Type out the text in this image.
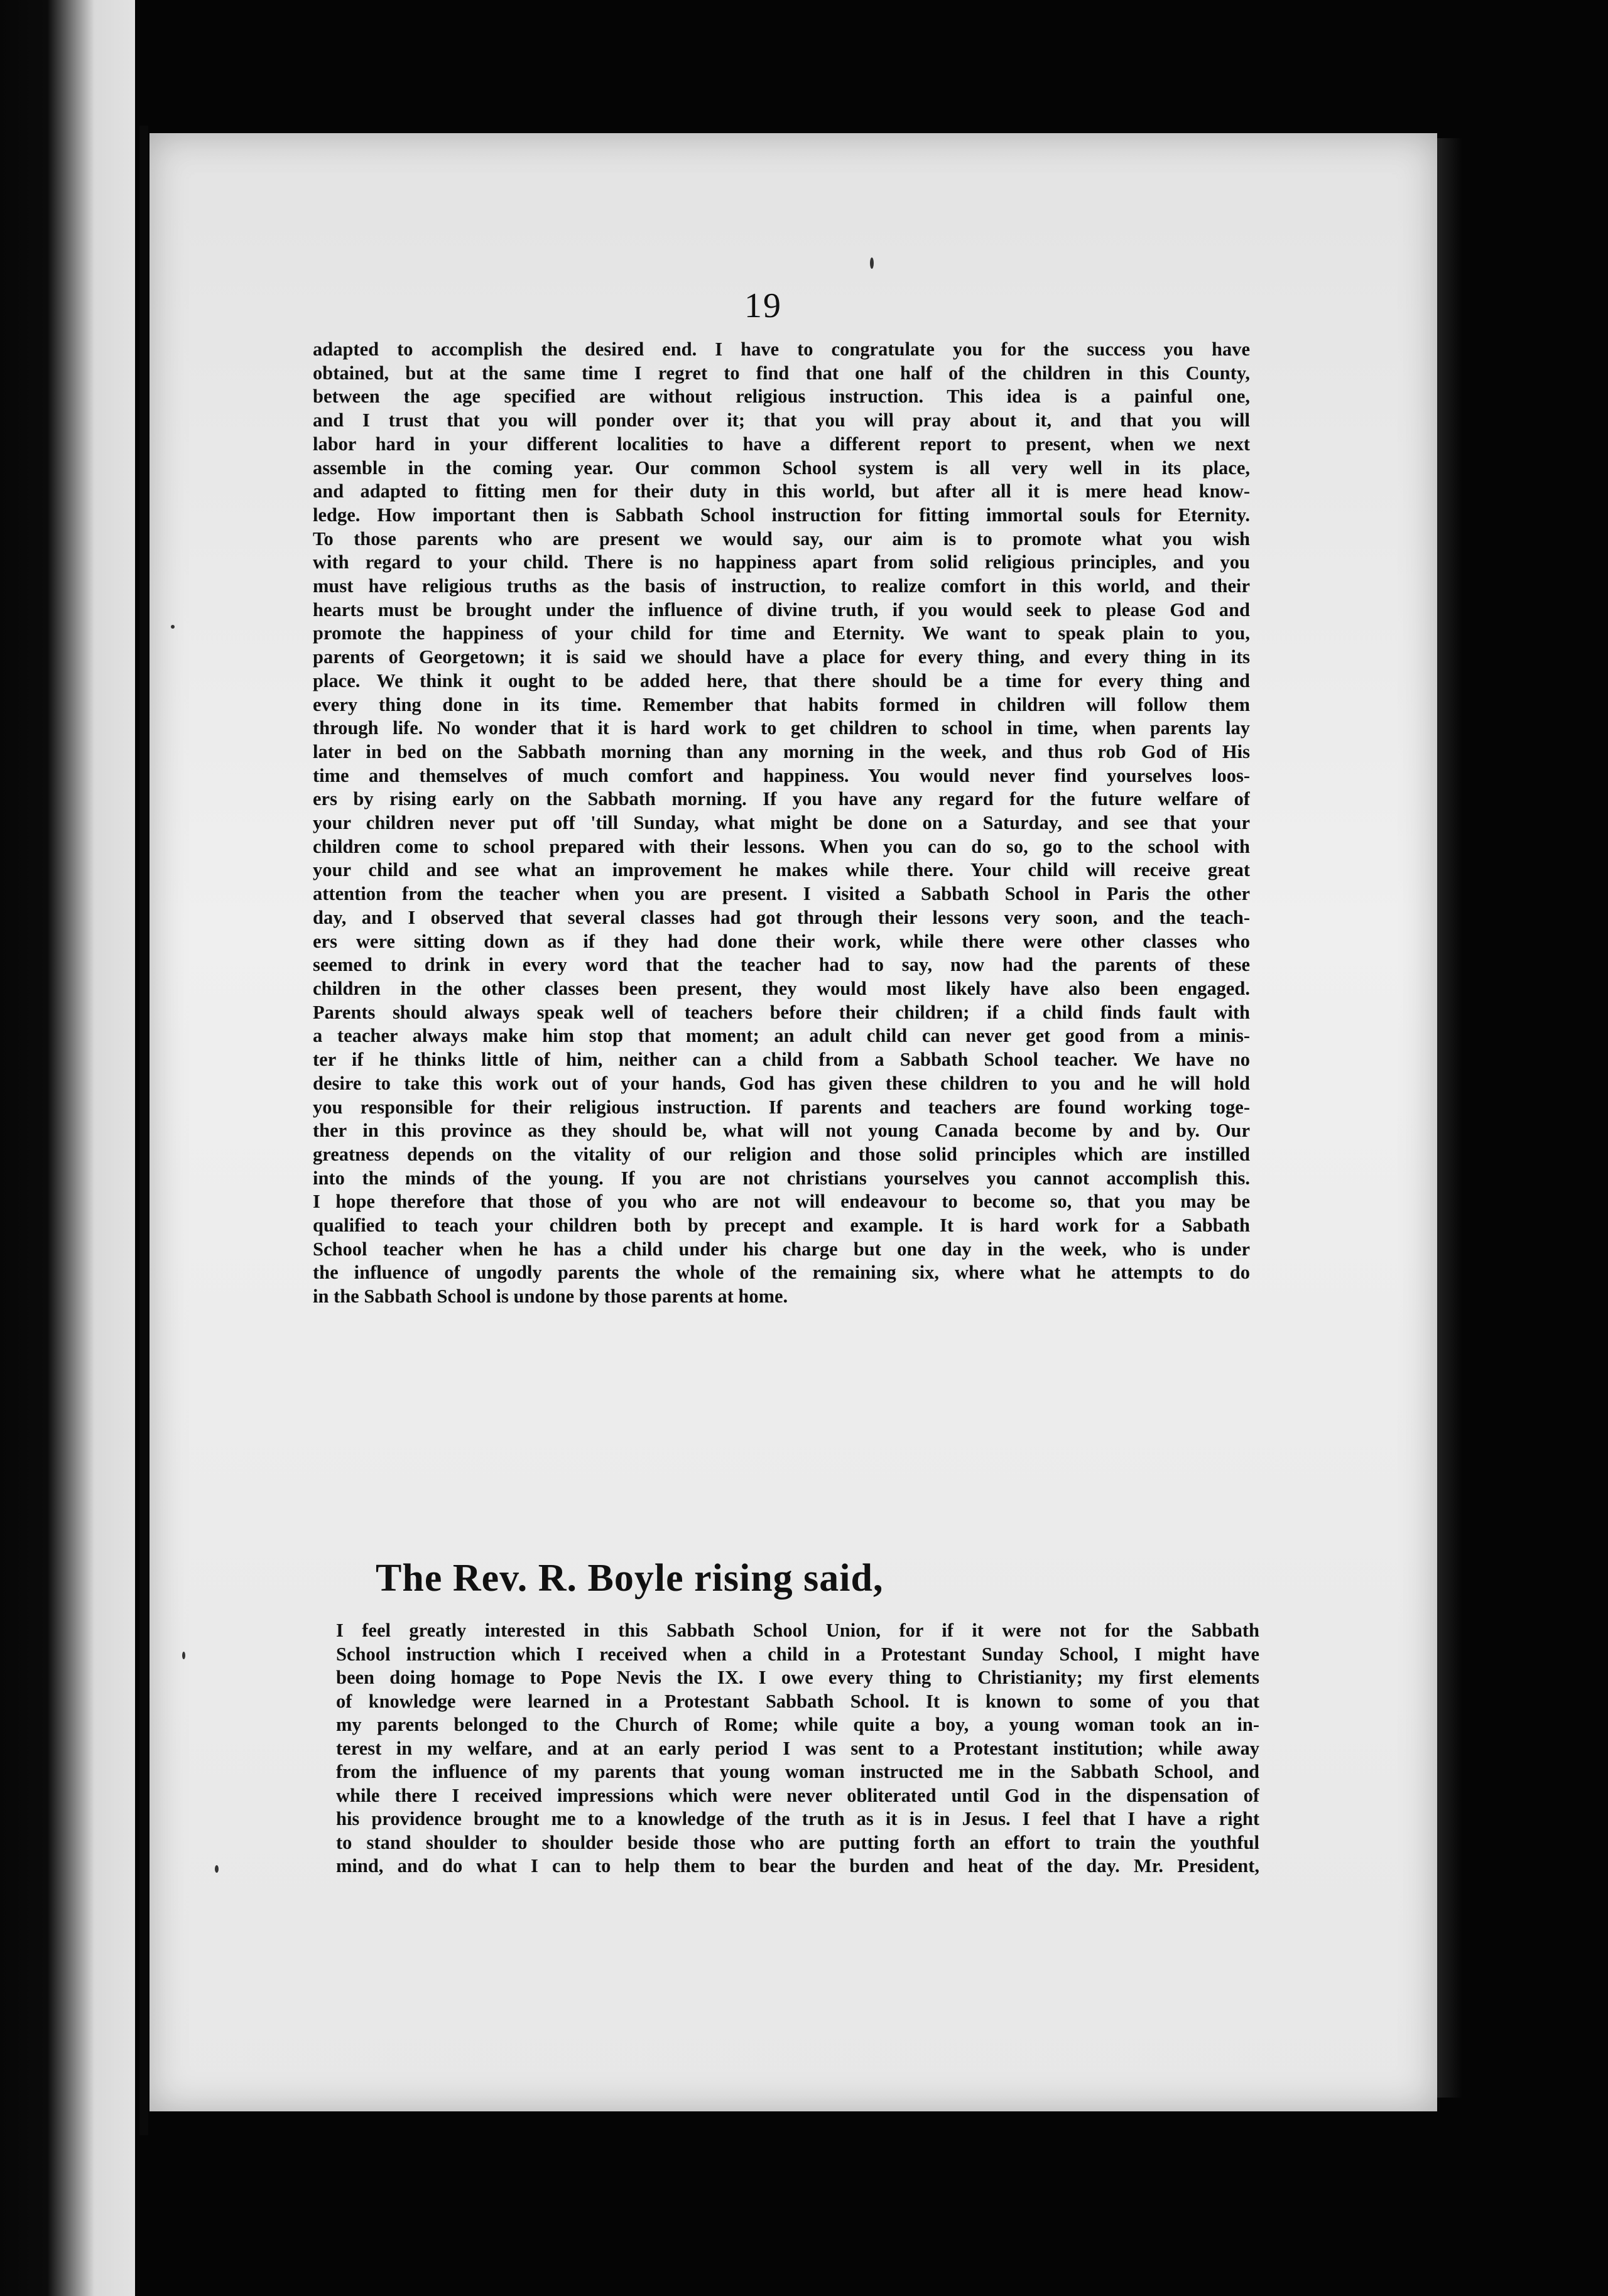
19
adapted to accomplish the desired end. I have to congratulate you for the success you have
obtained, but at the same time I regret to find that one half of the children in this County,
between the age specified are without religious instruction. This idea is a painful one,
and I trust that you will ponder over it; that you will pray about it, and that you will
labor hard in your different localities to have a different report to present, when we next
assemble in the coming year. Our common School system is all very well in its place,
and adapted to fitting men for their duty in this world, but after all it is mere head know-
ledge. How important then is Sabbath School instruction for fitting immortal souls for Eternity.
To those parents who are present we would say, our aim is to promote what you wish
with regard to your child. There is no happiness apart from solid religious principles, and you
must have religious truths as the basis of instruction, to realize comfort in this world, and their
hearts must be brought under the influence of divine truth, if you would seek to please God and
promote the happiness of your child for time and Eternity. We want to speak plain to you,
parents of Georgetown; it is said we should have a place for every thing, and every thing in its
place. We think it ought to be added here, that there should be a time for every thing and
every thing done in its time. Remember that habits formed in children will follow them
through life. No wonder that it is hard work to get children to school in time, when parents lay
later in bed on the Sabbath morning than any morning in the week, and thus rob God of His
time and themselves of much comfort and happiness. You would never find yourselves loos-
ers by rising early on the Sabbath morning. If you have any regard for the future welfare of
your children never put off 'till Sunday, what might be done on a Saturday, and see that your
children come to school prepared with their lessons. When you can do so, go to the school with
your child and see what an improvement he makes while there. Your child will receive great
attention from the teacher when you are present. I visited a Sabbath School in Paris the other
day, and I observed that several classes had got through their lessons very soon, and the teach-
ers were sitting down as if they had done their work, while there were other classes who
seemed to drink in every word that the teacher had to say, now had the parents of these
children in the other classes been present, they would most likely have also been engaged.
Parents should always speak well of teachers before their children; if a child finds fault with
a teacher always make him stop that moment; an adult child can never get good from a minis-
ter if he thinks little of him, neither can a child from a Sabbath School teacher. We have no
desire to take this work out of your hands, God has given these children to you and he will hold
you responsible for their religious instruction. If parents and teachers are found working toge-
ther in this province as they should be, what will not young Canada become by and by. Our
greatness depends on the vitality of our religion and those solid principles which are instilled
into the minds of the young. If you are not christians yourselves you cannot accomplish this.
I hope therefore that those of you who are not will endeavour to become so, that you may be
qualified to teach your children both by precept and example. It is hard work for a Sabbath
School teacher when he has a child under his charge but one day in the week, who is under
the influence of ungodly parents the whole of the remaining six, where what he attempts to do
in the Sabbath School is undone by those parents at home.
The Rev. R. Boyle rising said,
I feel greatly interested in this Sabbath School Union, for if it were not for the Sabbath
School instruction which I received when a child in a Protestant Sunday School, I might have
been doing homage to Pope Nevis the IX. I owe every thing to Christianity; my first elements
of knowledge were learned in a Protestant Sabbath School. It is known to some of you that
my parents belonged to the Church of Rome; while quite a boy, a young woman took an in-
terest in my welfare, and at an early period I was sent to a Protestant institution; while away
from the influence of my parents that young woman instructed me in the Sabbath School, and
while there I received impressions which were never obliterated until God in the dispensation of
his providence brought me to a knowledge of the truth as it is in Jesus. I feel that I have a right
to stand shoulder to shoulder beside those who are putting forth an effort to train the youthful
mind, and do what I can to help them to bear the burden and heat of the day. Mr. President,
